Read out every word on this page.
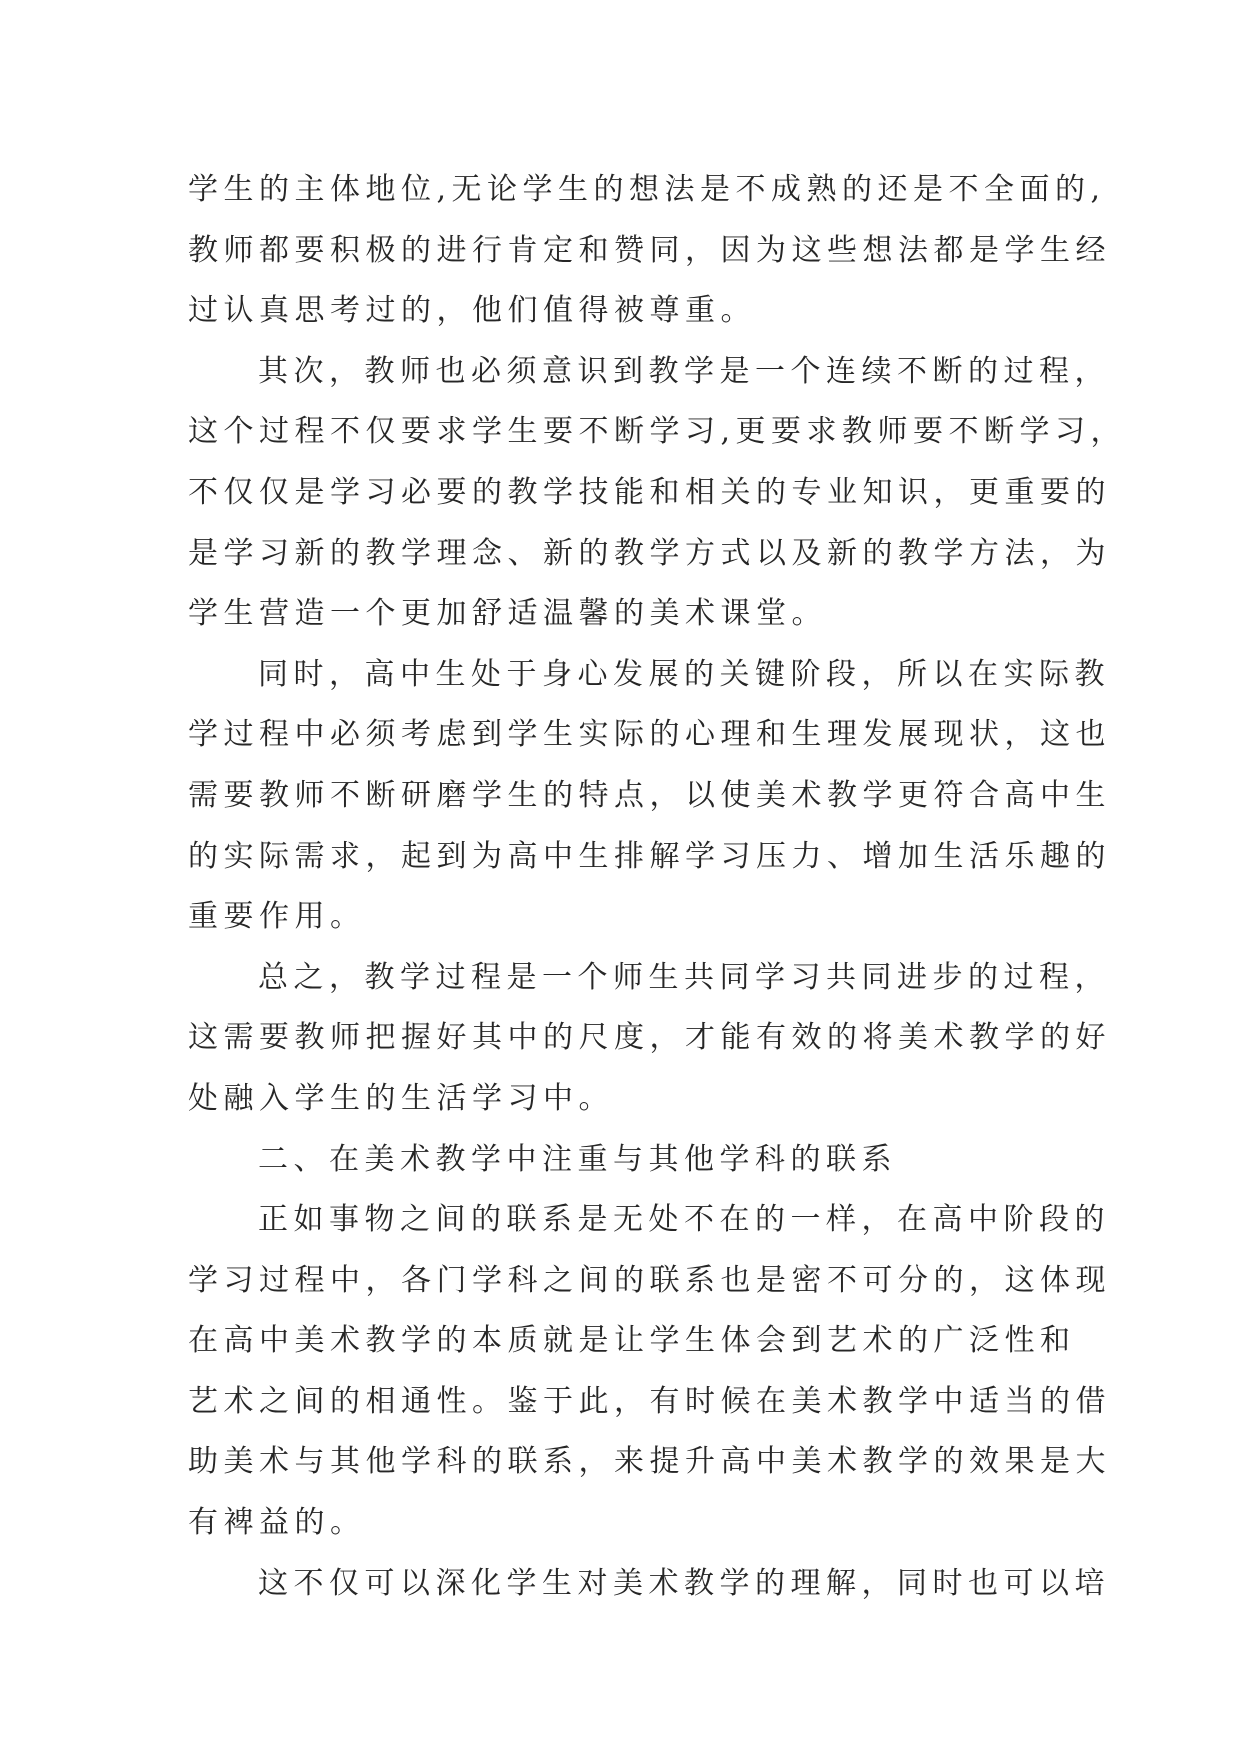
学生的主体地位,无论学生的想法是不成熟的还是不全面的,
教师都要积极的进行肯定和赞同，因为这些想法都是学生经
过认真思考过的，他们值得被尊重。
其次，教师也必须意识到教学是一个连续不断的过程，
这个过程不仅要求学生要不断学习,更要求教师要不断学习，
不仅仅是学习必要的教学技能和相关的专业知识，更重要的
是学习新的教学理念、新的教学方式以及新的教学方法，为
学生营造一个更加舒适温馨的美术课堂。
同时，高中生处于身心发展的关键阶段，所以在实际教
学过程中必须考虑到学生实际的心理和生理发展现状，这也
需要教师不断研磨学生的特点，以使美术教学更符合高中生
的实际需求，起到为高中生排解学习压力、增加生活乐趣的
重要作用。
总之，教学过程是一个师生共同学习共同进步的过程，
这需要教师把握好其中的尺度，才能有效的将美术教学的好
处融入学生的生活学习中。
二、在美术教学中注重与其他学科的联系
正如事物之间的联系是无处不在的一样，在高中阶段的
学习过程中，各门学科之间的联系也是密不可分的，这体现
在高中美术教学的本质就是让学生体会到艺术的广泛性和
艺术之间的相通性。鉴于此，有时候在美术教学中适当的借
助美术与其他学科的联系，来提升高中美术教学的效果是大
有裨益的。
这不仅可以深化学生对美术教学的理解，同时也可以培
